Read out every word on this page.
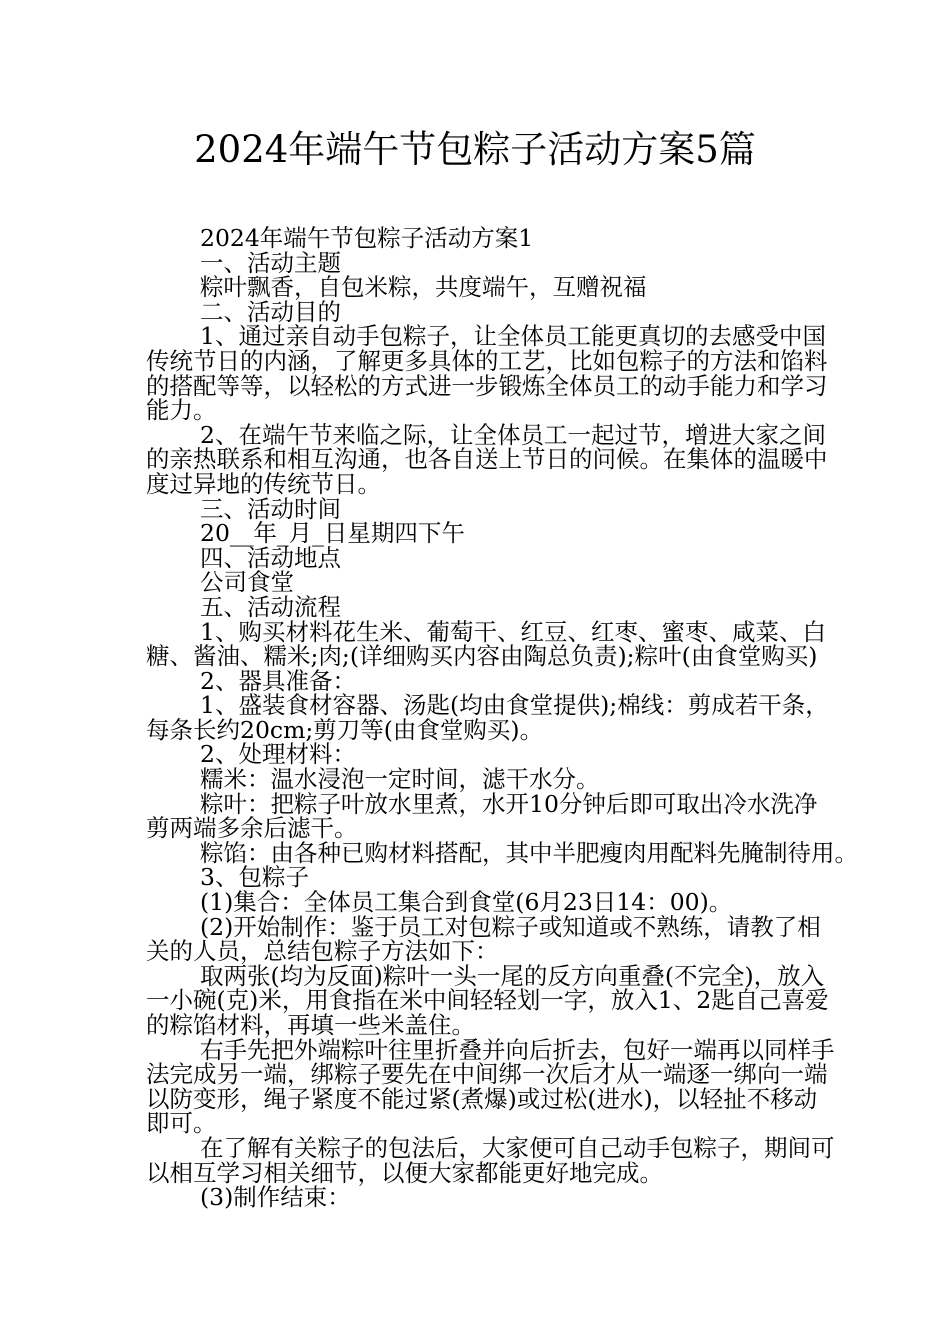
2024年端午节包粽子活动方案5篇
2024年端午节包粽子活动方案1
一、活动主题
粽叶飘香，自包米粽，共度端午，互赠祝福
二、活动目的
1、通过亲自动手包粽子，让全体员工能更真切的去感受中国
传统节日的内涵，了解更多具体的工艺，比如包粽子的方法和馅料
的搭配等等，以轻松的方式进一步锻炼全体员工的动手能力和学习
能力。
2、在端午节来临之际，让全体员工一起过节，增进大家之间
的亲热联系和相互沟通，也各自送上节日的问候。在集体的温暖中
度过异地的传统节日。
三、活动时间
20__年_月_日星期四下午
四、活动地点
公司食堂
五、活动流程
1、购买材料花生米、葡萄干、红豆、红枣、蜜枣、咸菜、白
糖、酱油、糯米;肉;(详细购买内容由陶总负责);粽叶(由食堂购买)
2、器具准备：
1、盛装食材容器、汤匙(均由食堂提供);棉线：剪成若干条，
每条长约20cm;剪刀等(由食堂购买)。
2、处理材料：
糯米：温水浸泡一定时间，滤干水分。
粽叶：把粽子叶放水里煮，水开10分钟后即可取出冷水洗净
剪两端多余后滤干。
粽馅：由各种已购材料搭配，其中半肥瘦肉用配料先腌制待用。
3、包粽子
(1)集合：全体员工集合到食堂(6月23日14：00)。
(2)开始制作：鉴于员工对包粽子或知道或不熟练，请教了相
关的人员，总结包粽子方法如下：
取两张(均为反面)粽叶一头一尾的反方向重叠(不完全)，放入
一小碗(克)米，用食指在米中间轻轻划一字，放入1、2匙自己喜爱
的粽馅材料，再填一些米盖住。
右手先把外端粽叶往里折叠并向后折去，包好一端再以同样手
法完成另一端，绑粽子要先在中间绑一次后才从一端逐一绑向一端
以防变形，绳子紧度不能过紧(煮爆)或过松(进水)，以轻扯不移动
即可。
在了解有关粽子的包法后，大家便可自己动手包粽子，期间可
以相互学习相关细节，以便大家都能更好地完成。
(3)制作结束：
